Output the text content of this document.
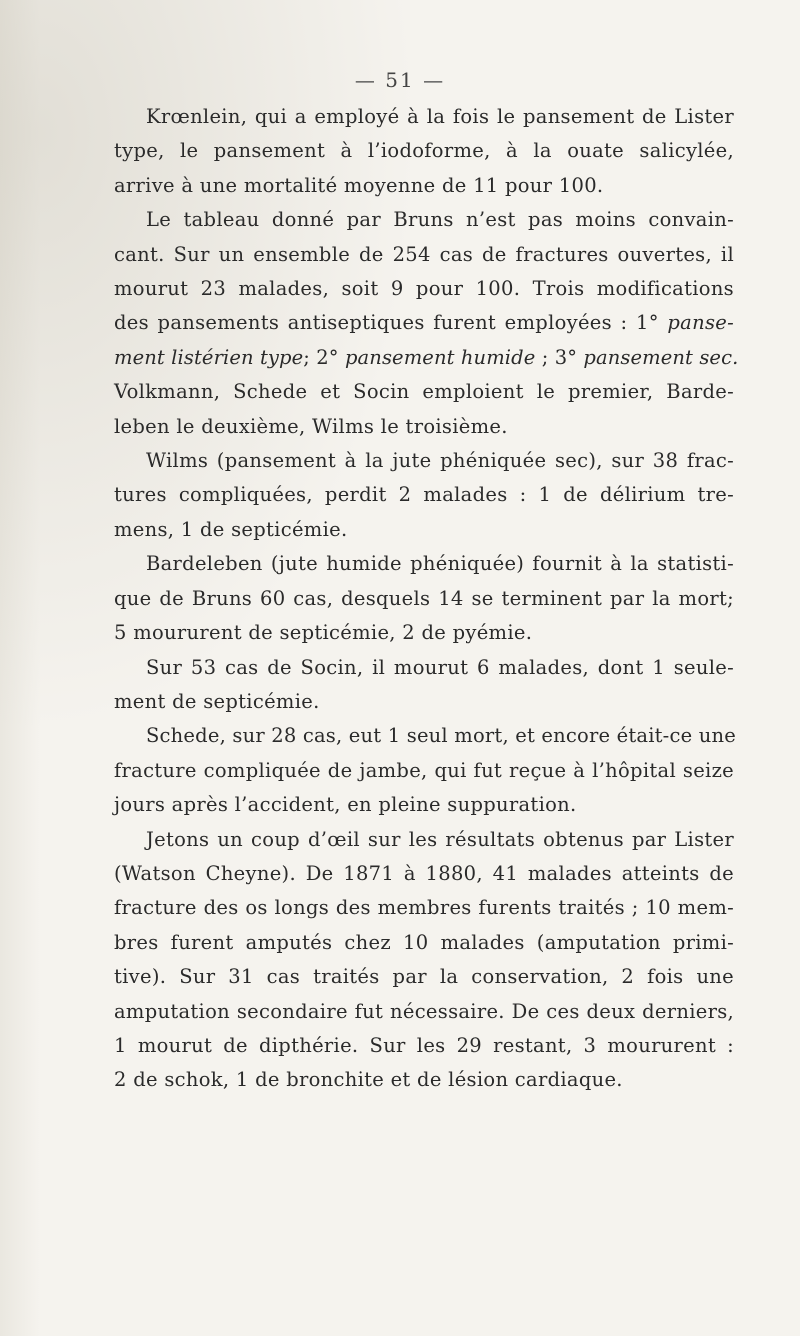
— 51 —
Krœnlein, qui a employé à la fois le pansement de Lister
type, le pansement à l’iodoforme, à la ouate salicylée,
arrive à une mortalité moyenne de 11 pour 100.
Le tableau donné par Bruns n’est pas moins convain-
cant. Sur un ensemble de 254 cas de fractures ouvertes, il
mourut 23 malades, soit 9 pour 100. Trois modifications
des pansements antiseptiques furent employées : 1° panse-
ment listérien type; 2° pansement humide ; 3° pansement sec.
Volkmann, Schede et Socin emploient le premier, Barde-
leben le deuxième, Wilms le troisième.
Wilms (pansement à la jute phéniquée sec), sur 38 frac-
tures compliquées, perdit 2 malades : 1 de délirium tre-
mens, 1 de septicémie.
Bardeleben (jute humide phéniquée) fournit à la statisti-
que de Bruns 60 cas, desquels 14 se terminent par la mort;
5 moururent de septicémie, 2 de pyémie.
Sur 53 cas de Socin, il mourut 6 malades, dont 1 seule-
ment de septicémie.
Schede, sur 28 cas, eut 1 seul mort, et encore était-ce une
fracture compliquée de jambe, qui fut reçue à l’hôpital seize
jours après l’accident, en pleine suppuration.
Jetons un coup d’œil sur les résultats obtenus par Lister
(Watson Cheyne). De 1871 à 1880, 41 malades atteints de
fracture des os longs des membres furents traités ; 10 mem-
bres furent amputés chez 10 malades (amputation primi-
tive). Sur 31 cas traités par la conservation, 2 fois une
amputation secondaire fut nécessaire. De ces deux derniers,
1 mourut de dipthérie. Sur les 29 restant, 3 moururent :
2 de schok, 1 de bronchite et de lésion cardiaque.
